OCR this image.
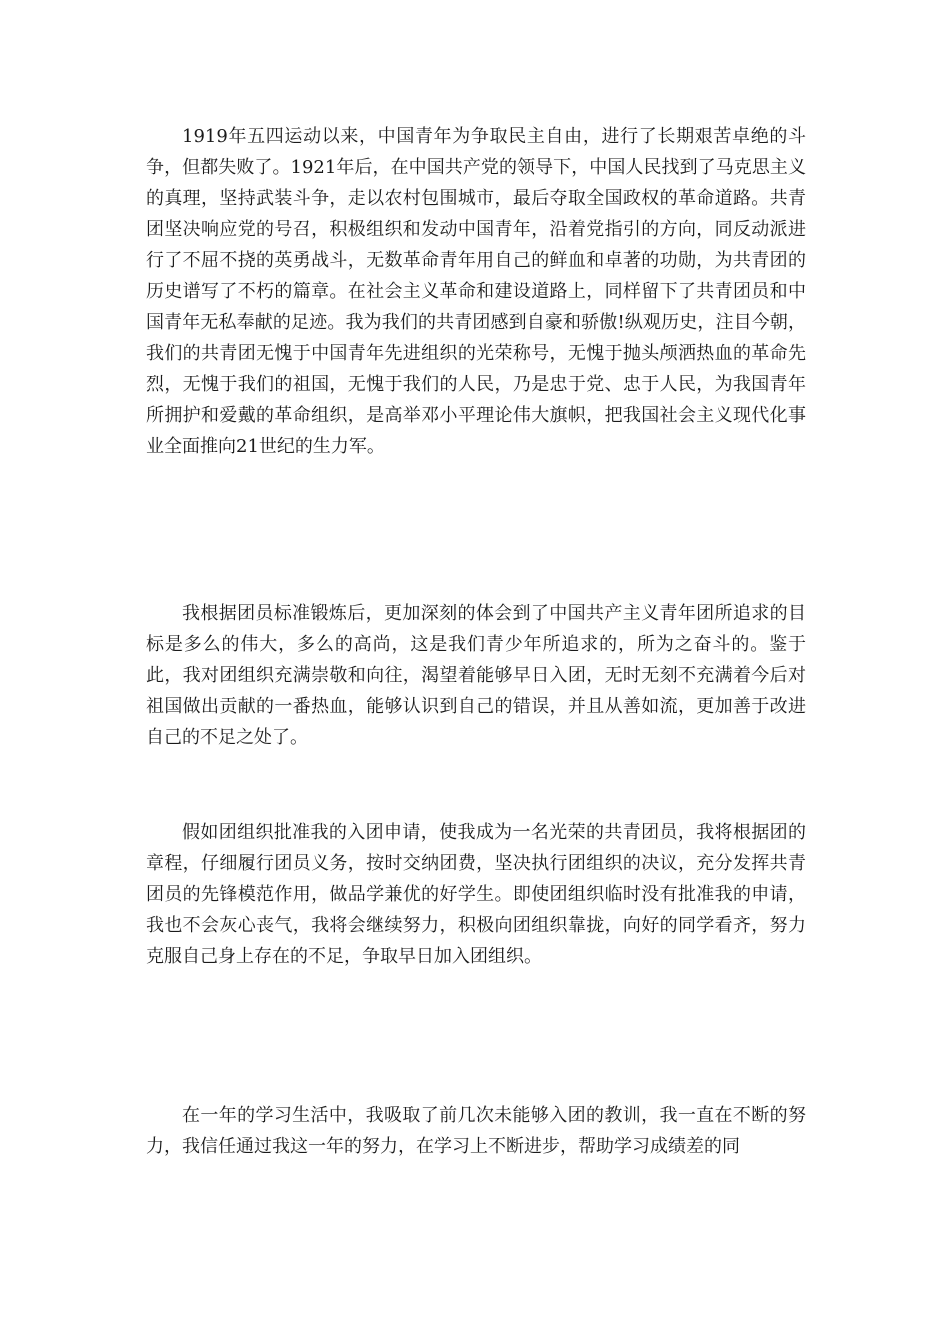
1919年五四运动以来，中国青年为争取民主自由，进行了长期艰苦卓绝的斗争，但都失败了。1921年后，在中国共产党的领导下，中国人民找到了马克思主义的真理，坚持武装斗争，走以农村包围城市，最后夺取全国政权的革命道路。共青团坚决响应党的号召，积极组织和发动中国青年，沿着党指引的方向，同反动派进行了不屈不挠的英勇战斗，无数革命青年用自己的鲜血和卓著的功勋，为共青团的历史谱写了不朽的篇章。在社会主义革命和建设道路上，同样留下了共青团员和中国青年无私奉献的足迹。我为我们的共青团感到自豪和骄傲!纵观历史，注目今朝，我们的共青团无愧于中国青年先进组织的光荣称号，无愧于抛头颅洒热血的革命先烈，无愧于我们的祖国，无愧于我们的人民，乃是忠于党、忠于人民，为我国青年所拥护和爱戴的革命组织，是高举邓小平理论伟大旗帜，把我国社会主义现代化事业全面推向21世纪的生力军。

我根据团员标准锻炼后，更加深刻的体会到了中国共产主义青年团所追求的目标是多么的伟大，多么的高尚，这是我们青少年所追求的，所为之奋斗的。鉴于此，我对团组织充满崇敬和向往，渴望着能够早日入团，无时无刻不充满着今后对祖国做出贡献的一番热血，能够认识到自己的错误，并且从善如流，更加善于改进自己的不足之处了。

假如团组织批准我的入团申请，使我成为一名光荣的共青团员，我将根据团的章程，仔细履行团员义务，按时交纳团费，坚决执行团组织的决议，充分发挥共青团员的先锋模范作用，做品学兼优的好学生。即使团组织临时没有批准我的申请，我也不会灰心丧气，我将会继续努力，积极向团组织靠拢，向好的同学看齐，努力克服自己身上存在的不足，争取早日加入团组织。

在一年的学习生活中，我吸取了前几次未能够入团的教训，我一直在不断的努力，我信任通过我这一年的努力，在学习上不断进步，帮助学习成绩差的同
